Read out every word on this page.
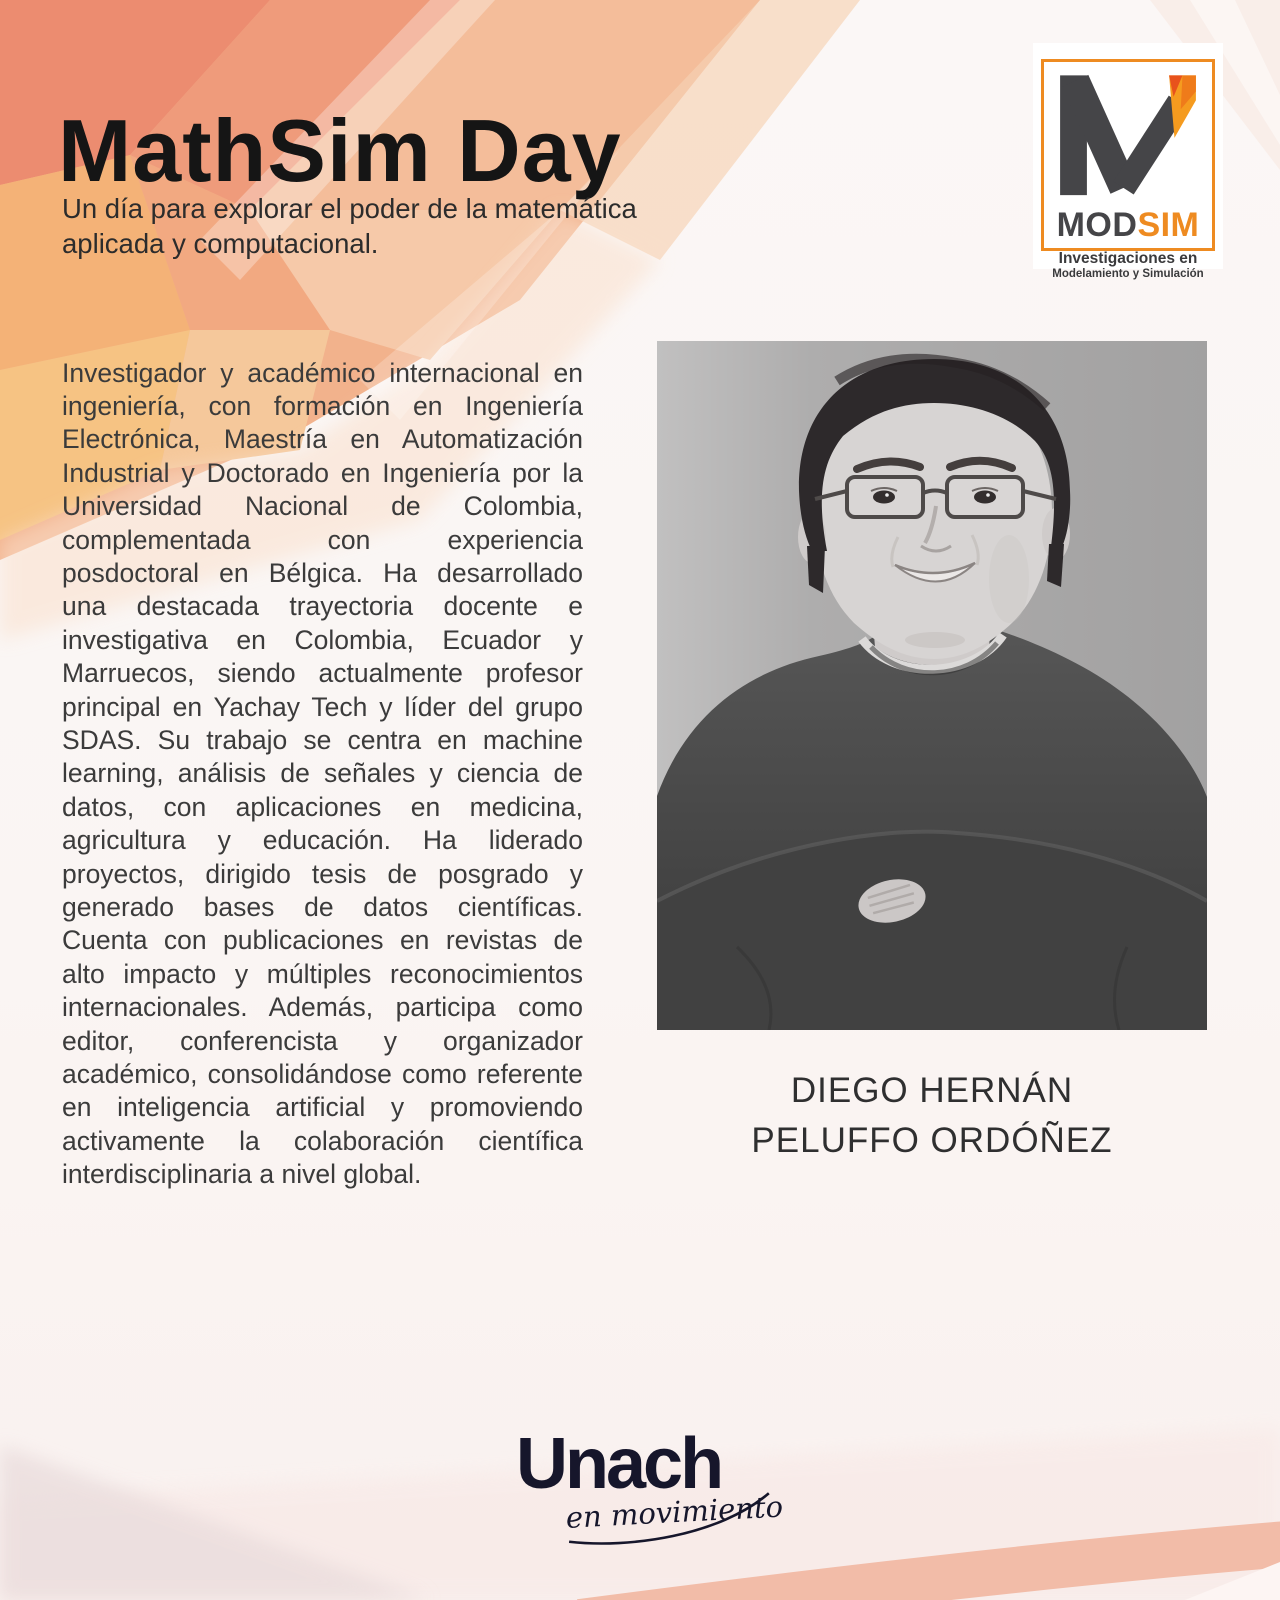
MathSim Day

Un día para explorar el poder de la matemática aplicada y computacional.	MODSIM
Investigaciones en
Modelamiento y Simulación

Investigador y académico internacional en ingeniería, con formación en Ingeniería Electrónica, Maestría en Automatización Industrial y Doctorado en Ingeniería por la Universidad Nacional de Colombia, complementada con experiencia posdoctoral en Bélgica. Ha desarrollado una destacada trayectoria docente e investigativa en Colombia, Ecuador y Marruecos, siendo actualmente profesor principal en Yachay Tech y líder del grupo SDAS. Su trabajo se centra en machine learning, análisis de señales y ciencia de datos, con aplicaciones en medicina, agricultura y educación. Ha liderado proyectos, dirigido tesis de posgrado y generado bases de datos científicas. Cuenta con publicaciones en revistas de alto impacto y múltiples reconocimientos internacionales. Además, participa como editor, conferencista y organizador académico, consolidándose como referente en inteligencia artificial y promoviendo activamente la colaboración científica interdisciplinaria a nivel global.

DIEGO HERNÁN
PELUFFO ORDÓÑEZ
Unach
en movimiento
